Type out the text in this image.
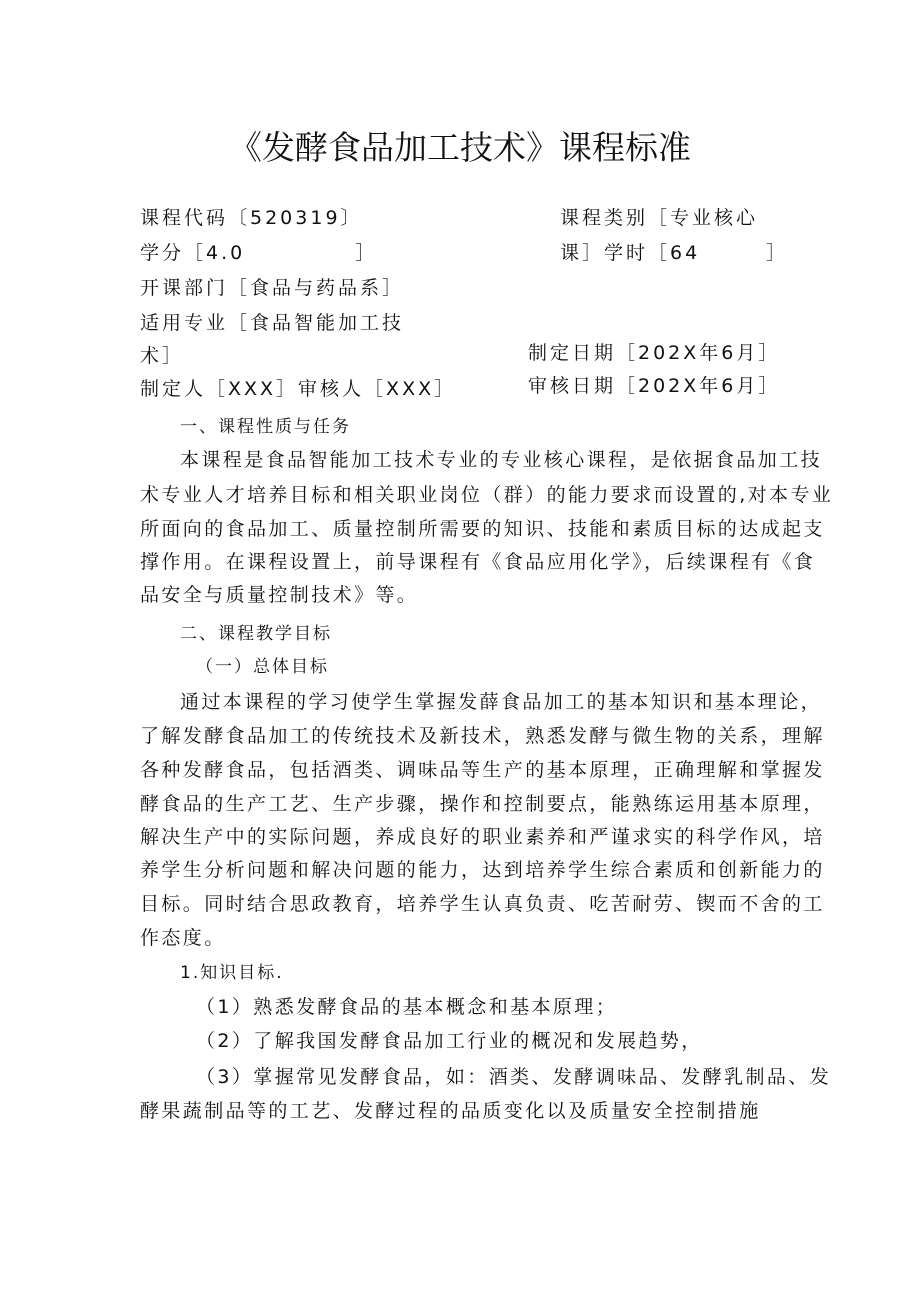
《发酵食品加工技术》课程标准
课程代码〔520319〕
学分［4.0　　　　　］
开课部门［食品与药品系］
适用专业［食品智能加工技
术］
制定人［XXX］审核人［XXX］
课程类别［专业核心
课］学时［64　　　］
制定日期［202X年6月］
审核日期［202X年6月］
一、课程性质与任务
本课程是食品智能加工技术专业的专业核心课程，是依据食品加工技
术专业人才培养目标和相关职业岗位（群）的能力要求而设置的,对本专业
所面向的食品加工、质量控制所需要的知识、技能和素质目标的达成起支
撑作用。在课程设置上，前导课程有《食品应用化学》，后续课程有《食
品安全与质量控制技术》等。
二、课程教学目标
（一）总体目标
通过本课程的学习使学生掌握发薛食品加工的基本知识和基本理论，
了解发酵食品加工的传统技术及新技术，熟悉发酵与微生物的关系，理解
各种发酵食品，包括酒类、调味品等生产的基本原理，正确理解和掌握发
酵食品的生产工艺、生产步骤，操作和控制要点，能熟练运用基本原理，
解决生产中的实际问题，养成良好的职业素养和严谨求实的科学作风，培
养学生分析问题和解决问题的能力，达到培养学生综合素质和创新能力的
目标。同时结合思政教育，培养学生认真负责、吃苦耐劳、锲而不舍的工
作态度。
1.知识目标.
（1）熟悉发酵食品的基本概念和基本原理；
（2）了解我国发酵食品加工行业的概况和发展趋势，
（3）掌握常见发酵食品，如：酒类、发酵调味品、发酵乳制品、发
酵果蔬制品等的工艺、发酵过程的品质变化以及质量安全控制措施
